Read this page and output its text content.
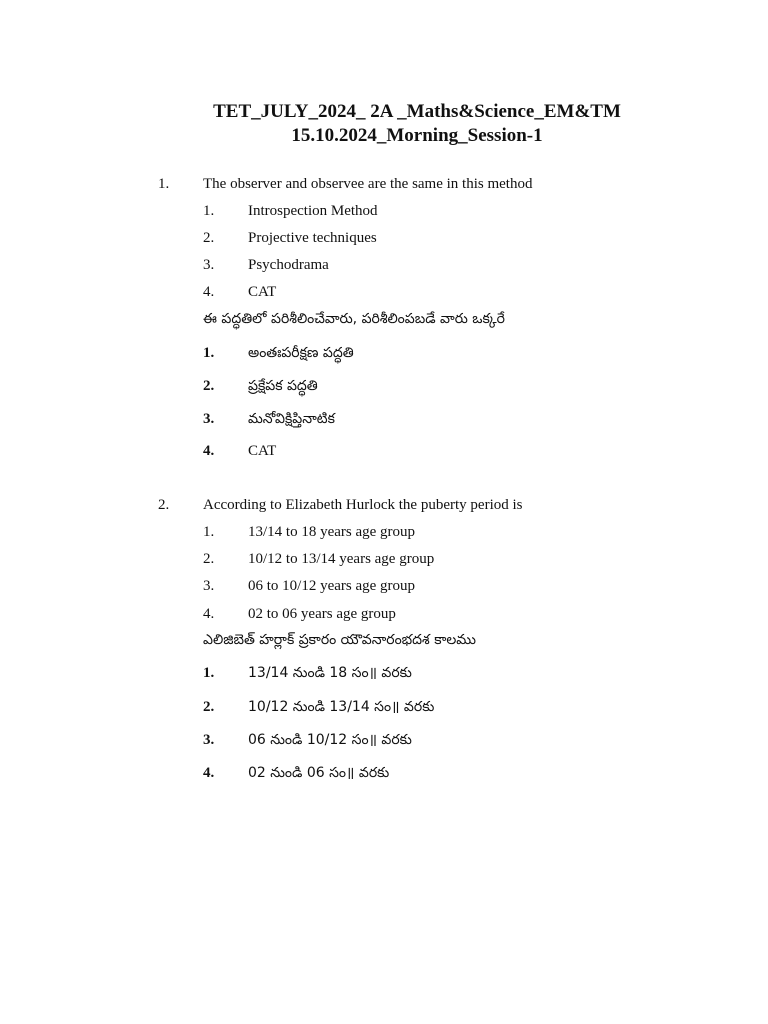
TET_JULY_2024_ 2A _Maths&Science_EM&TM
15.10.2024_Morning_Session-1
1. The observer and observee are the same in this method
1. Introspection Method
2. Projective techniques
3. Psychodrama
4. CAT
ఈ పద్ధతిలో పరిశీలించేవారు, పరిశీలింపబడే వారు ఒక్కరే
1. అంతఃపరీక్షణ పద్ధతి
2. ప్రక్షేపక పద్ధతి
3. మనోవిక్షిప్తినాటిక
4. CAT
2. According to Elizabeth Hurlock the puberty period is
1. 13/14 to 18 years age group
2. 10/12 to 13/14 years age group
3. 06 to 10/12 years age group
4. 02 to 06 years age group
ఎలిజిబెత్ హర్లాక్ ప్రకారం యౌవనారంభదశ కాలము
1. 13/14 నుండి 18 సం॥ వరకు
2. 10/12 నుండి 13/14 సం॥ వరకు
3. 06 నుండి 10/12 సం॥ వరకు
4. 02 నుండి 06 సం॥ వరకు
